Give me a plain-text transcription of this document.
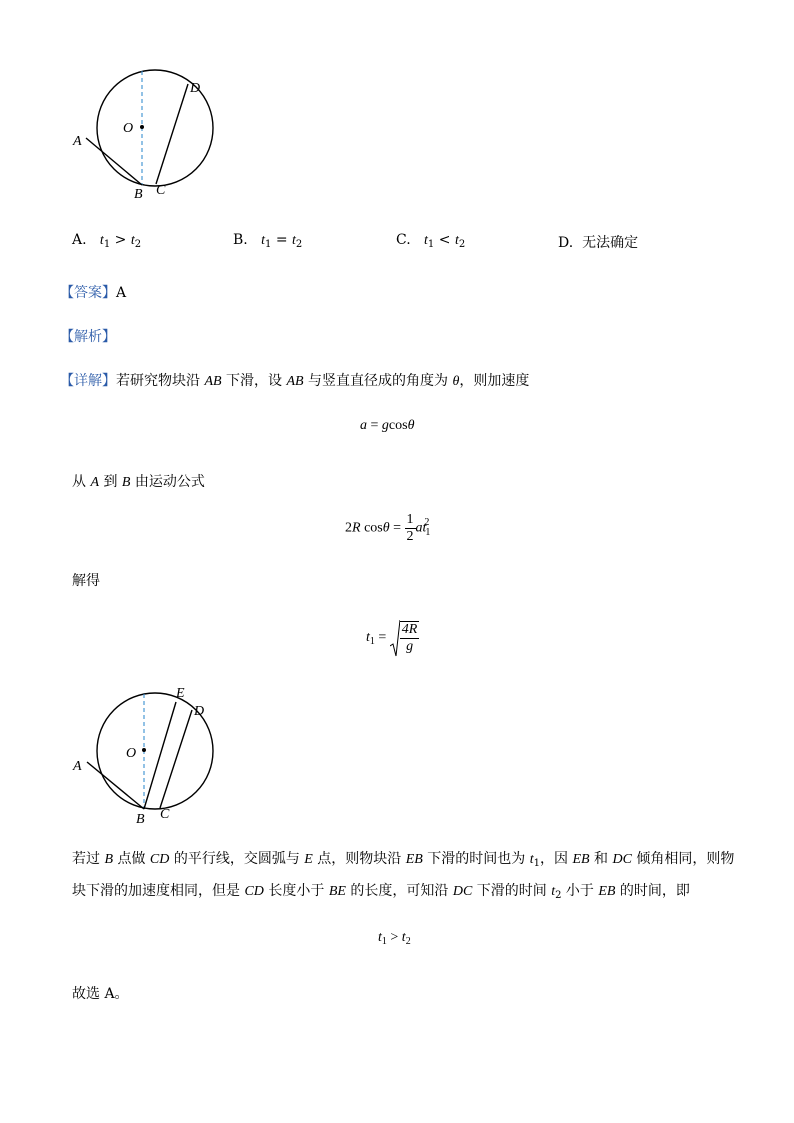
O
A
B C
D
A. $t_1 > t_2$	B. $t_1 = t_2$	C. $t_1 < t_2$	D. 无法确定
【答案】A
【解析】
【详解】若研究物块沿 AB 下滑，设 AB 与竖直直径成的角度为 θ，则加速度
a = gcosθ
从 A 到 B 由运动公式
2R $\cos\theta = \frac{1}{2} at_1^2$
解得
$t_1 = \frac{4R}{g}$
O
A
B C
D
E
若过 B 点做 CD 的平行线，交圆弧与 E 点，则物块沿 EB 下滑的时间也为 $t_1$，因 EB 和 DC 倾角相同，则物
块下滑的加速度相同，但是 CD 长度小于 BE 的长度，可知沿 DC 下滑的时间 $t_2$ 小于 EB 的时间，即
$t_1 > t_2$
故选 A。
